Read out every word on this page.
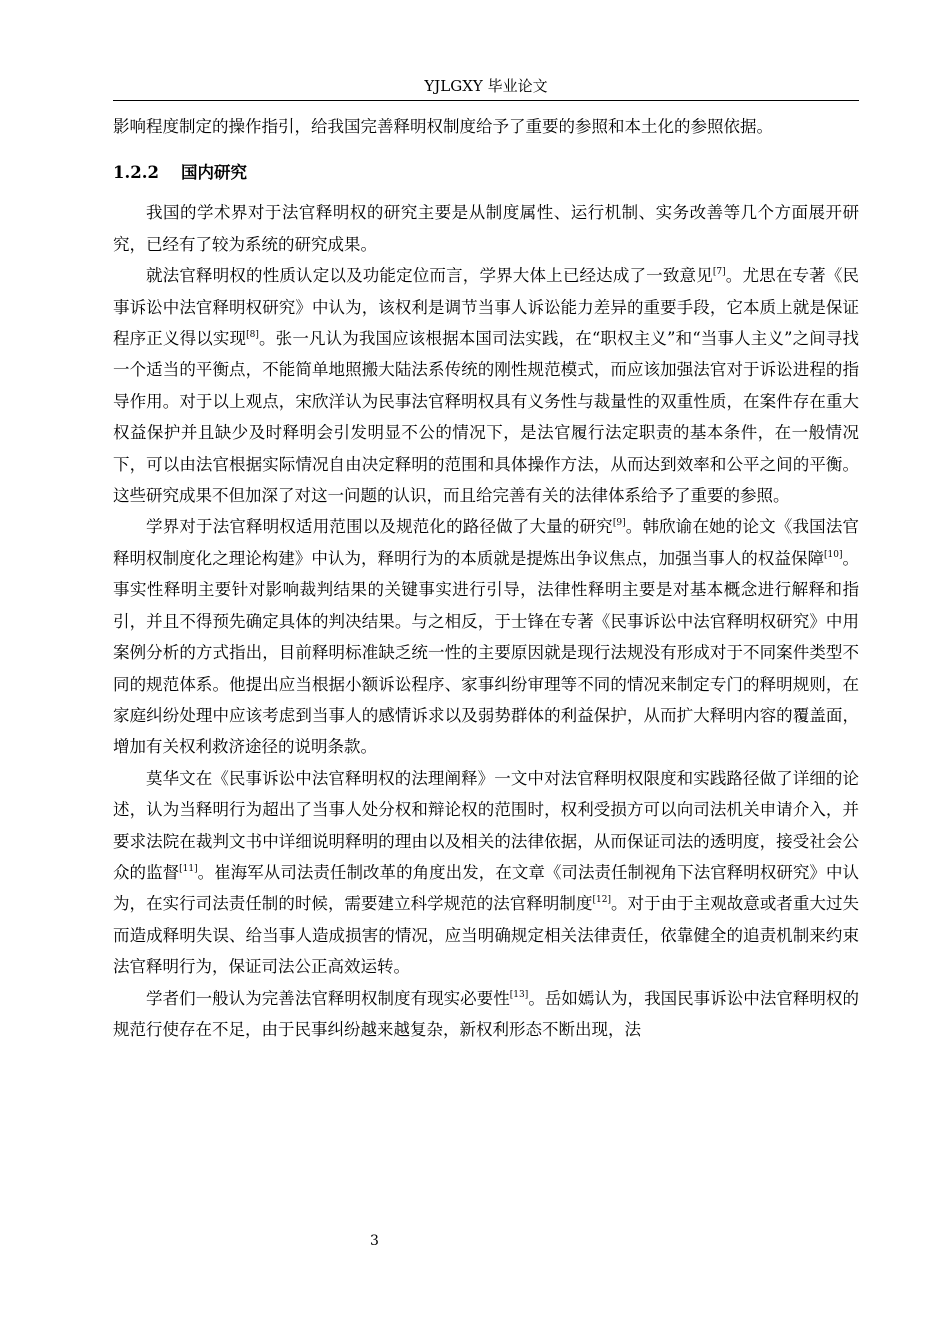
YJLGXY 毕业论文

影响程度制定的操作指引，给我国完善释明权制度给予了重要的参照和本土化的参照依据。

1.2.2 国内研究

我国的学术界对于法官释明权的研究主要是从制度属性、运行机制、实务改善等几个方面展开研究，已经有了较为系统的研究成果。

就法官释明权的性质认定以及功能定位而言，学界大体上已经达成了一致意见[7]。尤思在专著《民事诉讼中法官释明权研究》中认为，该权利是调节当事人诉讼能力差异的重要手段，它本质上就是保证程序正义得以实现[8]。张一凡认为我国应该根据本国司法实践，在“职权主义”和“当事人主义”之间寻找一个适当的平衡点，不能简单地照搬大陆法系传统的刚性规范模式，而应该加强法官对于诉讼进程的指导作用。对于以上观点，宋欣洋认为民事法官释明权具有义务性与裁量性的双重性质，在案件存在重大权益保护并且缺少及时释明会引发明显不公的情况下，是法官履行法定职责的基本条件，在一般情况下，可以由法官根据实际情况自由决定释明的范围和具体操作方法，从而达到效率和公平之间的平衡。这些研究成果不但加深了对这一问题的认识，而且给完善有关的法律体系给予了重要的参照。

学界对于法官释明权适用范围以及规范化的路径做了大量的研究[9]。韩欣谕在她的论文《我国法官释明权制度化之理论构建》中认为，释明行为的本质就是提炼出争议焦点，加强当事人的权益保障[10]。事实性释明主要针对影响裁判结果的关键事实进行引导，法律性释明主要是对基本概念进行解释和指引，并且不得预先确定具体的判决结果。与之相反，于士锋在专著《民事诉讼中法官释明权研究》中用案例分析的方式指出，目前释明标准缺乏统一性的主要原因就是现行法规没有形成对于不同案件类型不同的规范体系。他提出应当根据小额诉讼程序、家事纠纷审理等不同的情况来制定专门的释明规则，在家庭纠纷处理中应该考虑到当事人的感情诉求以及弱势群体的利益保护，从而扩大释明内容的覆盖面，增加有关权利救济途径的说明条款。

莫华文在《民事诉讼中法官释明权的法理阐释》一文中对法官释明权限度和实践路径做了详细的论述，认为当释明行为超出了当事人处分权和辩论权的范围时，权利受损方可以向司法机关申请介入，并要求法院在裁判文书中详细说明释明的理由以及相关的法律依据，从而保证司法的透明度，接受社会公众的监督[11]。崔海军从司法责任制改革的角度出发，在文章《司法责任制视角下法官释明权研究》中认为，在实行司法责任制的时候，需要建立科学规范的法官释明制度[12]。对于由于主观故意或者重大过失而造成释明失误、给当事人造成损害的情况，应当明确规定相关法律责任，依靠健全的追责机制来约束法官释明行为，保证司法公正高效运转。

学者们一般认为完善法官释明权制度有现实必要性[13]。岳如嫣认为，我国民事诉讼中法官释明权的规范行使存在不足，由于民事纠纷越来越复杂，新权利形态不断出现，法

3
